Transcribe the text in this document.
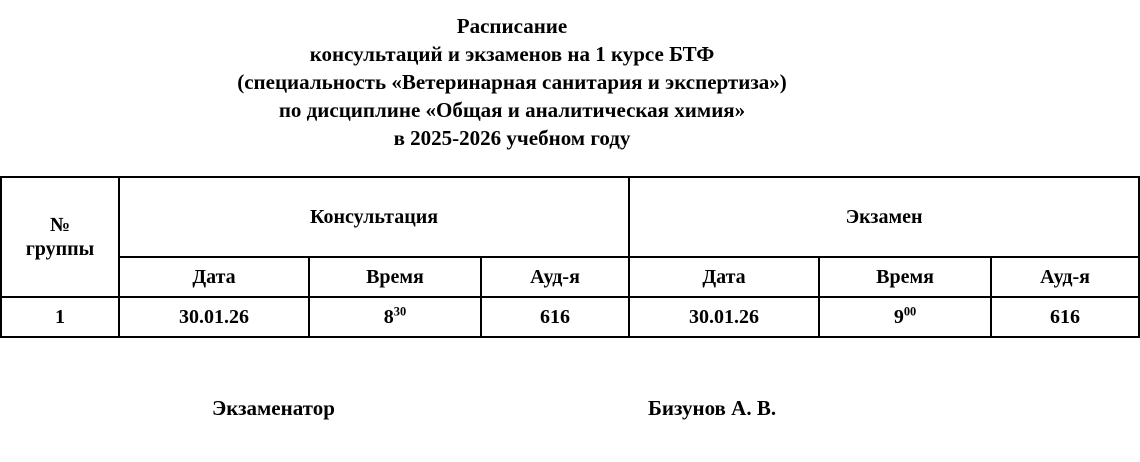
Расписание
консультаций и экзаменов на 1 курсе БТФ
(специальность «Ветеринарная санитария и экспертиза»)
по дисциплине «Общая и аналитическая химия»
в 2025-2026 учебном году
№
группы	Консультация			Экзамен		
	Дата	Время	Ауд-я	Дата	Время	Ауд-я
1	30.01.26	$8^{30}$	616	30.01.26	$9^{00}$	616
Экзаменатор	Бизунов А. В.
